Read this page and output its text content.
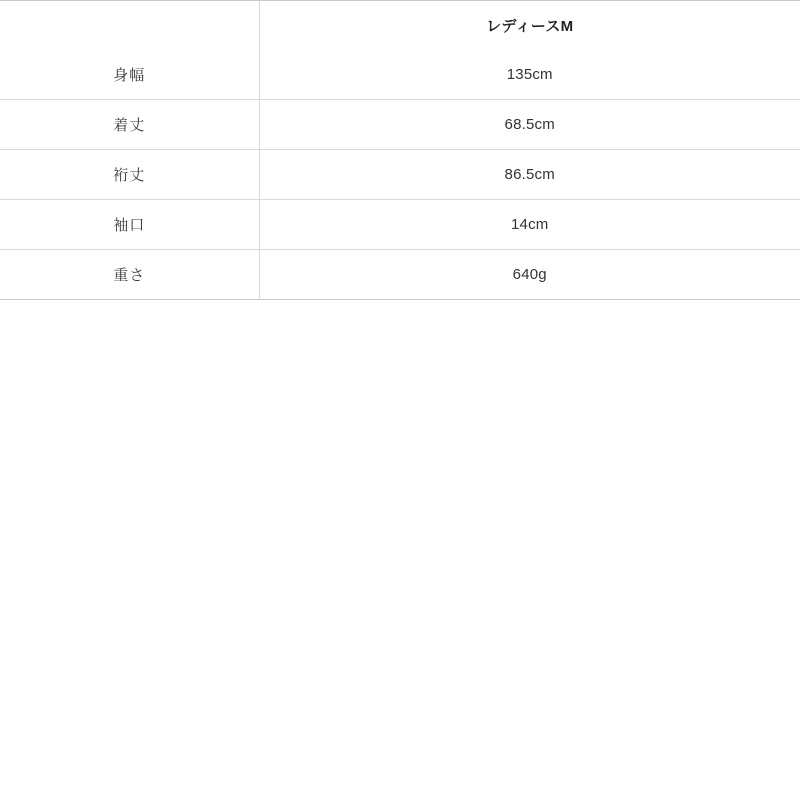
	レディースM
身幅	135cm
着丈	68.5cm
裄丈	86.5cm
袖口	14cm
重さ	640g
